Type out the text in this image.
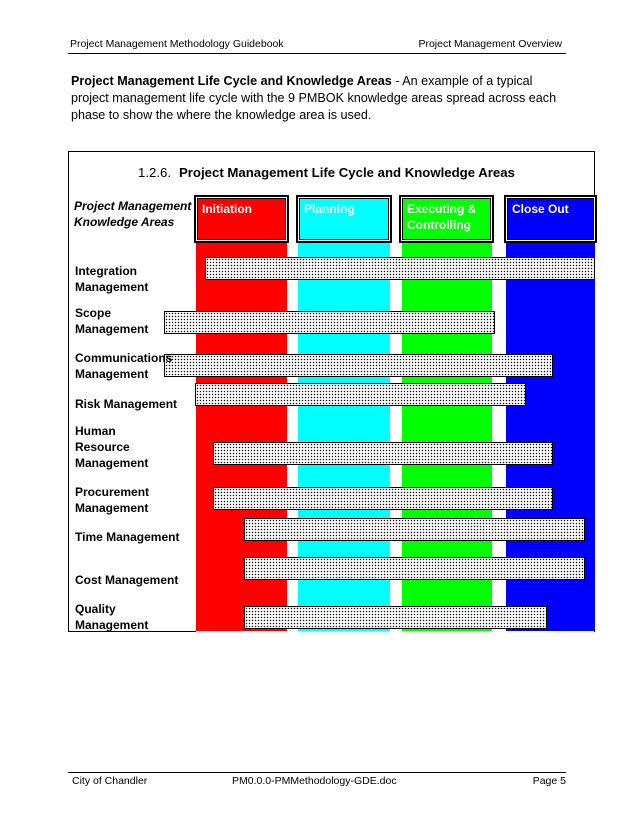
Project Management Methodology Guidebook	Project Management Overview
Project Management Life Cycle and Knowledge Areas - An example of a typical project management life cycle with the 9 PMBOK knowledge areas spread across each phase to show the where the knowledge area is used.
1.2.6. Project Management Life Cycle and Knowledge Areas
Project Management Knowledge Areas
Initiation	Planning	Executing & Controlling
Close Out
Integration Management
Scope Management
Communications Management
Risk Management
Human Resource Management
Procurement Management
Time Management
Cost Management
Quality Management
City of Chandler	PM0.0.0-PMMethodology-GDE.doc	Page 5
